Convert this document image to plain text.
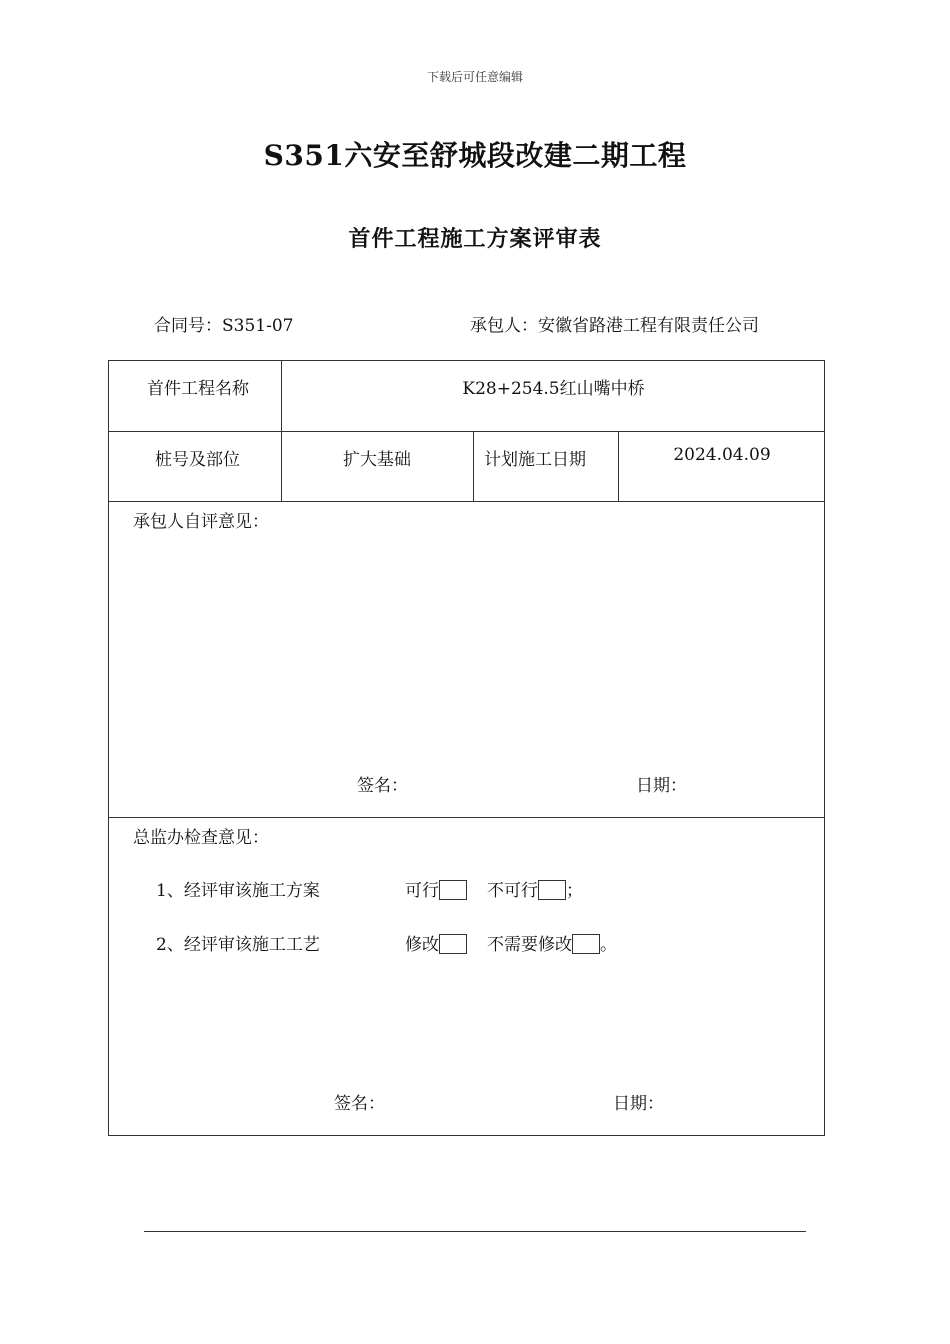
下载后可任意编辑
S351六安至舒城段改建二期工程
首件工程施工方案评审表
合同号：S351-07	承包人：安徽省路港工程有限责任公司
首件工程名称	K28+254.5红山嘴中桥
桩号及部位	扩大基础	计划施工日期	2024.04.09
承包人自评意见：
签名：	日期：
总监办检查意见：
1、经评审该施工方案	可行	不可行 ；
2、经评审该施工工艺	修改	不需要修改 。
签名：	日期：
